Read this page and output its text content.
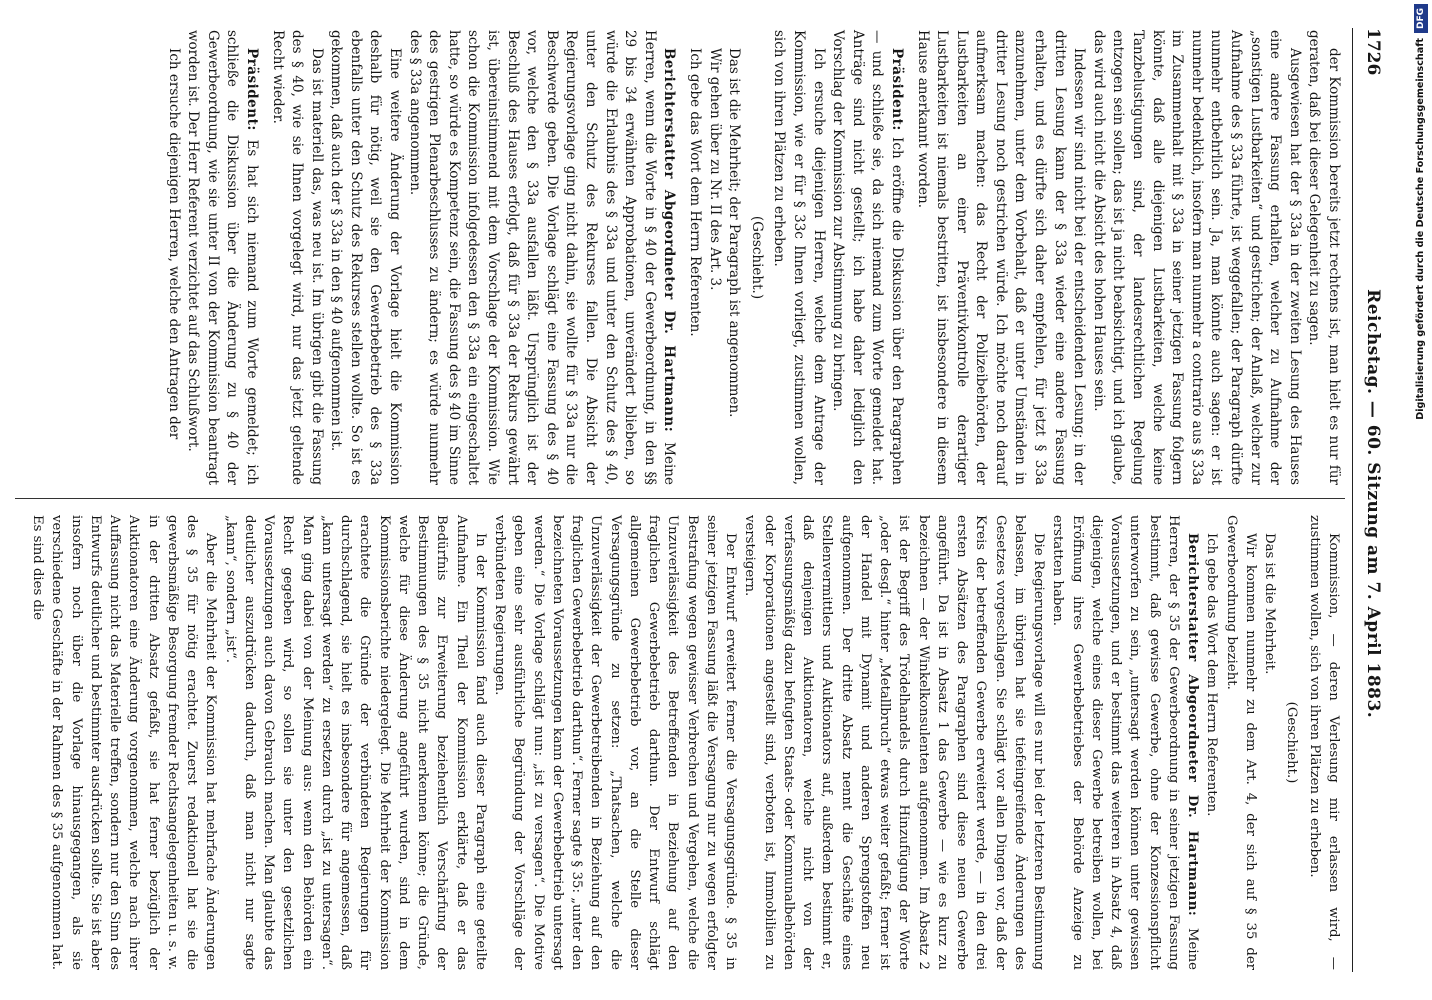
1726
Reichstag. — 60. Sitzung am 7. April 1883.

der Kommission bereits jetzt rechtens ist, man hielt es nur für geraten, daß bei dieser Gelegenheit zu sagen.

Ausgewiesen hat der § 33a in der zweiten Lesung des Hauses eine andere Fassung erhalten, welcher zu Aufnahme der „sonstigen Lustbarkeiten“ und gestrichen; der Anlaß, welcher zur Aufnahme des § 33a führte, ist weggefallen; der Paragraph dürfte nunmehr entbehrlich sein. Ja, man könnte auch sagen: er ist nunmehr bedenklich, insofern man nunmehr a contrario aus § 33a im Zusammenhalt mit § 33a in seiner jetzigen Fassung folgern könnte, daß alle diejenigen Lustbarkeiten, welche keine Tanzbelustigungen sind, der landesrechtlichen Regelung entzogen sein sollen; das ist ja nicht beabsichtigt, und ich glaube, das wird auch nicht die Absicht des hohen Hauses sein.

Indessen wir sind nicht bei der entscheidenden Lesung; in der dritten Lesung kann der § 33a wieder eine andere Fassung erhalten, und es dürfte sich daher empfehlen, für jetzt § 33a anzunehmen, unter dem Vorbehalt, daß er unter Umständen in dritter Lesung noch gestrichen würde. Ich möchte noch darauf aufmerksam machen: das Recht der Polizeibehörden, der Lustbarkeiten an einer Präventivkontrolle derartiger Lustbarkeiten ist niemals bestritten, ist insbesondere in diesem Hause anerkannt worden.

Präsident: Ich eröffne die Diskussion über den Paragraphen — und schließe sie, da sich niemand zum Worte gemeldet hat. Anträge sind nicht gestellt; ich habe daher lediglich den Vorschlag der Kommission zur Abstimmung zu bringen.

Ich ersuche diejenigen Herren, welche dem Antrage der Kommission, wie er für § 33c Ihnen vorliegt, zustimmen wollen, sich von ihren Plätzen zu erheben.

(Geschieht.)

Das ist die Mehrheit; der Paragraph ist angenommen.

Wir gehen über zu Nr. II des Art. 3.

Ich gebe das Wort dem Herrn Referenten.

Berichterstatter Abgeordneter Dr. Hartmann: Meine Herren, wenn die Worte in § 40 der Gewerbeordnung, in den §§ 29 bis 34 erwähnten Approbationen, unverändert blieben, so würde die Erlaubnis des § 33a und unter den Schutz des § 40, unter den Schutz des Rekurses fallen. Die Absicht der Regierungsvorlage ging nicht dahin, sie wollte für § 33a nur die Beschwerde geben. Die Vorlage schlägt eine Fassung des § 40 vor, welche den § 33a ausfallen läßt. Ursprünglich ist der Beschluß des Hauses erfolgt, daß für § 33a der Rekurs gewährt ist, übereinstimmend mit dem Vorschlage der Kommission. Wie schon die Kommission infolgedessen den § 33a ein eingeschaltet hatte, so würde es Kompetenz sein, die Fassung des § 40 im Sinne des gestrigen Plenarbeschlusses zu ändern; es würde nunmehr des § 33a angenommen.

Eine weitere Änderung der Vorlage hielt die Kommission deshalb für nötig, weil sie den Gewerbebetrieb des § 33a ebenfalls unter den Schutz des Rekurses stellen wollte. So ist es gekommen, daß auch der § 33a in den § 40 aufgenommen ist.

Das ist materiell das, was neu ist. Im übrigen gibt die Fassung des § 40, wie sie Ihnen vorgelegt wird, nur das jetzt geltende Recht wieder.

Präsident: Es hat sich niemand zum Worte gemeldet; ich schließe die Diskussion über die Änderung zu § 40 der Gewerbeordnung, wie sie unter II von der Kommission beantragt worden ist. Der Herr Referent verzichtet auf das Schlußwort.

Ich ersuche diejenigen Herren, welche den Antragen der

Kommission, — deren Verlesung mir erlassen wird, — zustimmen wollen, sich von ihren Plätzen zu erheben.

(Geschieht.)

Das ist die Mehrheit.

Wir kommen nunmehr zu dem Art. 4, der sich auf § 35 der Gewerbeordnung bezieht.

Ich gebe das Wort dem Herrn Referenten.

Berichterstatter Abgeordneter Dr. Hartmann: Meine Herren, der § 35 der Gewerbeordnung in seiner jetzigen Fassung bestimmt, daß gewisse Gewerbe, ohne der Konzessionspflicht unterworfen zu sein, „untersagt werden können unter gewissen Voraussetzungen, und er bestimmt das weiteren in Absatz 4, daß diejenigen, welche eines dieser Gewerbe betreiben wollen, bei Eröffnung ihres Gewerbebetriebes der Behörde Anzeige zu erstatten haben.

Die Regierungsvorlage will es nur bei der letzteren Bestimmung belassen, im übrigen hat sie tiefeingreifende Änderungen des Gesetzes vorgeschlagen. Sie schlägt vor allen Dingen vor, daß der Kreis der betreffenden Gewerbe erweitert werde, — in den drei ersten Absätzen des Paragraphen sind diese neuen Gewerbe angeführt. Da ist in Absatz 1 das Gewerbe — wie es kurz zu bezeichnen — der Winkelkonsulenten aufgenommen. Im Absatz 2 ist der Begriff des Trödelhandels durch Hinzufügung der Worte „oder desgl.“ hinter „Metallbruch“ etwas weiter gefaßt; ferner ist der Handel mit Dynamit und anderen Sprengstoffen neu aufgenommen. Der dritte Absatz nennt die Geschäfte eines Stellenvermittlers und Auktionators auf, außerdem bestimmt er, daß denjenigen Auktionatoren, welche nicht von der verfassungsmäßig dazu befugten Staats- oder Kommunalbehörden oder Korporationen angestellt sind, verboten ist, Immobilien zu versteigern.

Der Entwurf erweitert ferner die Versagungsgründe. § 35 in seiner jetzigen Fassung läßt die Versagung nur zu wegen erfolgter Bestrafung wegen gewisser Verbrechen und Vergehen, welche die Unzuverlässigkeit des Betreffenden in Beziehung auf den fraglichen Gewerbebetrieb darthun. Der Entwurf schlägt allgemeinen Gewerbebetrieb vor, an die Stelle dieser Versagungsgründe zu setzen: „Thatsachen, welche die Unzuverlässigkeit der Gewerbetreibenden in Beziehung auf den fraglichen Gewerbebetrieb darthun“. Ferner sagte § 35: „unter den bezeichneten Voraussetzungen kann der Gewerbebetrieb untersagt werden.“ Die Vorlage schlägt nun: „ist zu versagen“. Die Motive geben eine sehr ausführliche Begründung der Vorschläge der verbündeten Regierungen.

In der Kommission fand auch dieser Paragraph eine geteilte Aufnahme. Ein Theil der Kommission erklärte, daß er das Bedürfnis zur Erweiterung beziehentlich Verschärfung der Bestimmungen des § 35 nicht anerkennen könne; die Gründe, welche für diese Änderung angeführt wurden, sind in dem Kommissionsberichte niedergelegt. Die Mehrheit der Kommission erachtete die Gründe der verbündeten Regierungen für durchschlagend, sie hielt es insbesondere für angemessen, daß „kann untersagt werden“ zu ersetzen durch „ist zu untersagen“. Man ging dabei von der Meinung aus: wenn den Behörden ein Recht gegeben wird, so sollen sie unter den gesetzlichen Voraussetzungen auch davon Gebrauch machen. Man glaubte das deutlicher auszudrücken dadurch, daß man nicht nur sagte „kann“, sondern „ist“.

Aber die Mehrheit der Kommission hat mehrfache Änderungen des § 35 für nötig erachtet. Zuerst redaktionell hat sie die gewerbsmäßige Besorgung fremder Rechtsangelegenheiten u. s. w. in der dritten Absatz gefaßt, sie hat ferner bezüglich der Auktionatoren eine Änderung vorgenommen, welche nach ihrer Auffassung nicht das Materielle treffen, sondern nur den Sinn des Entwurfs deutlicher und bestimmter ausdrücken sollte. Sie ist aber insofern noch über die Vorlage hinausgegangen, als sie verschiedene Geschäfte in der Rahmen des § 35 aufgenommen hat. Es sind dies die

Digitalisierung gefördert durch die Deutsche ForschungsgemeinschaftDFG
